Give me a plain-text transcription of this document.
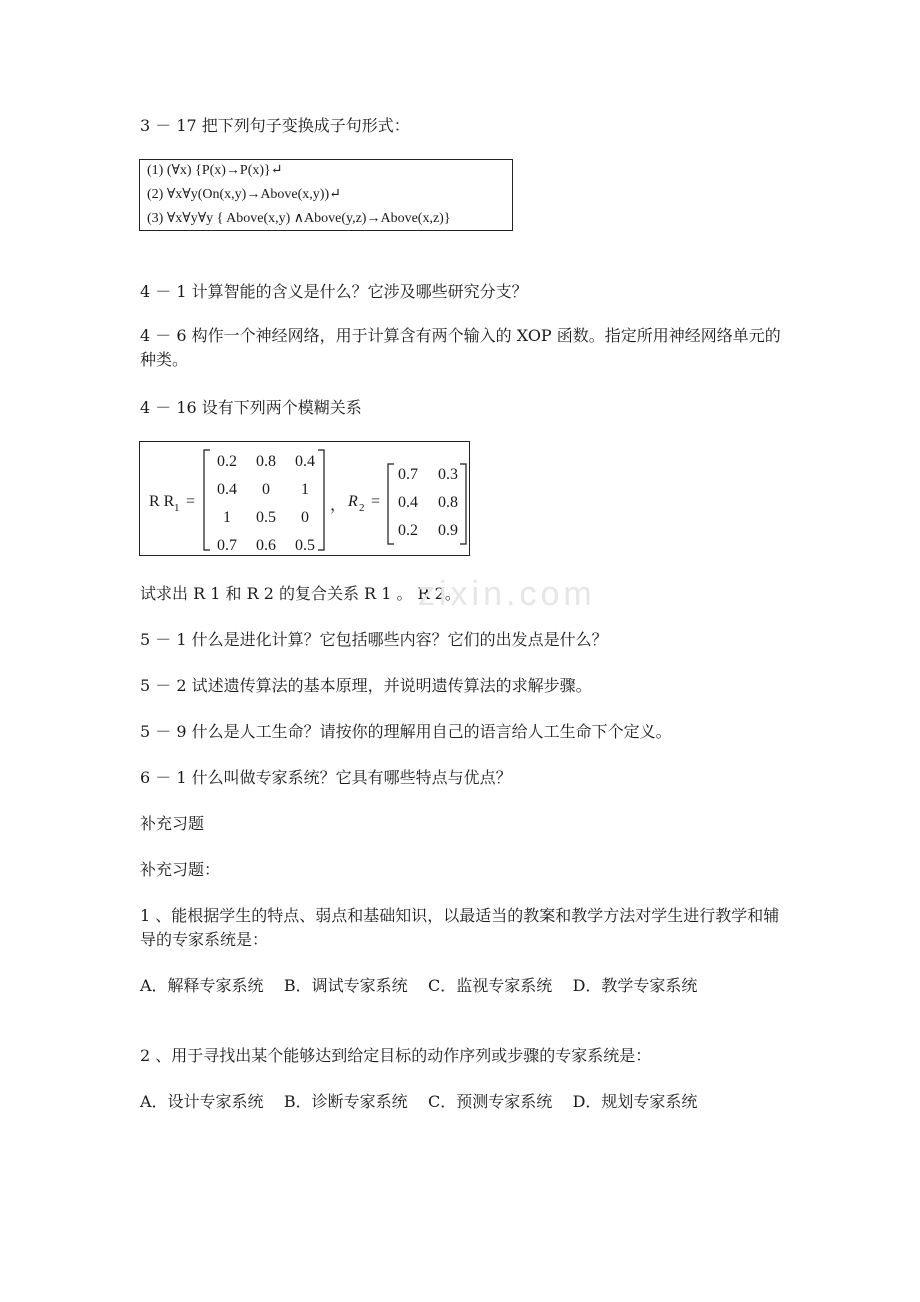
3 － 17 把下列句子变换成子句形式：
(1) (∀x) {P(x)→P(x)}↵
(2) ∀x∀y(On(x,y)→Above(x,y))↵
(3) ∀x∀y∀y { Above(x,y) ∧Above(y,z)→Above(x,z)}
4 － 1 计算智能的含义是什么？它涉及哪些研究分支？
4 － 6 构作一个神经网络，用于计算含有两个输入的 XOP 函数。指定所用神经网络单元的种类。
4 － 16 设有下列两个模糊关系
R R 1 =
0.2 0.8 0.4
0.4 0 1
1 0.5 0
0.7 0.6 0.5
， R 2 =
0.7 0.3
0.4 0.8
0.2 0.9
试求出 R 1 和 R 2 的复合关系 R 1 。 R 2。
zixin.com
5 － 1 什么是进化计算？它包括哪些内容？它们的出发点是什么？
5 － 2 试述遗传算法的基本原理，并说明遗传算法的求解步骤。
5 － 9 什么是人工生命？请按你的理解用自己的语言给人工生命下个定义。
6 － 1 什么叫做专家系统？它具有哪些特点与优点？
补充习题
补充习题：
1 、能根据学生的特点、弱点和基础知识，以最适当的教案和教学方法对学生进行教学和辅导的专家系统是：
A．解释专家系统    B．调试专家系统    C．监视专家系统    D．教学专家系统
2 、用于寻找出某个能够达到给定目标的动作序列或步骤的专家系统是：
A．设计专家系统    B．诊断专家系统    C．预测专家系统    D．规划专家系统
